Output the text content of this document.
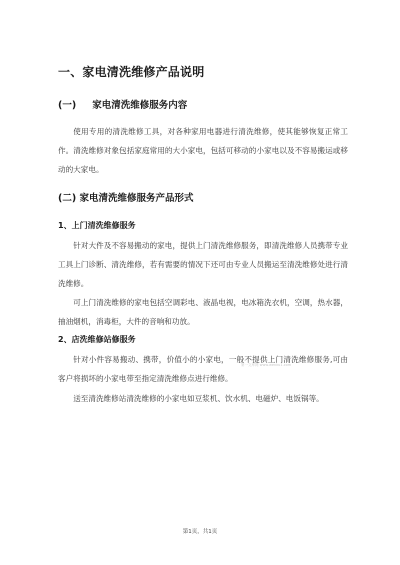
一、家电清洗维修产品说明
(一) 家电清洗维修服务内容

使用专用的清洗维修工具，对各种家用电器进行清洗维修，使其能够恢复正常工作。清洗维修对象包括家庭常用的大小家电，包括可移动的小家电以及不容易搬运或移动的大家电。

(二) 家电清洗维修服务产品形式
1、上门清洗维修服务

针对大件及不容易搬动的家电，提供上门清洗维修服务，即清洗维修人员携带专业工具上门诊断、清洗维修，若有需要的情况下还可由专业人员搬运至清洗维修处进行清洗维修。

可上门清洗维修的家电包括空调彩电、液晶电视，电冰箱洗衣机，空调，热水器，抽油烟机，消毒柜，大件的音响和功放。

2、店洗维修站修服务

针对小件容易搬动、携带，价值小的小家电，一般不提供上门清洗维修服务,可由客户将损坏的小家电带至指定清洗维修点进行维修。

第一文库网 www.wenku1.com

送至清洗维修站清洗维修的小家电如豆浆机、饮水机、电磁炉、电饭锅等。

第1页，共1页
